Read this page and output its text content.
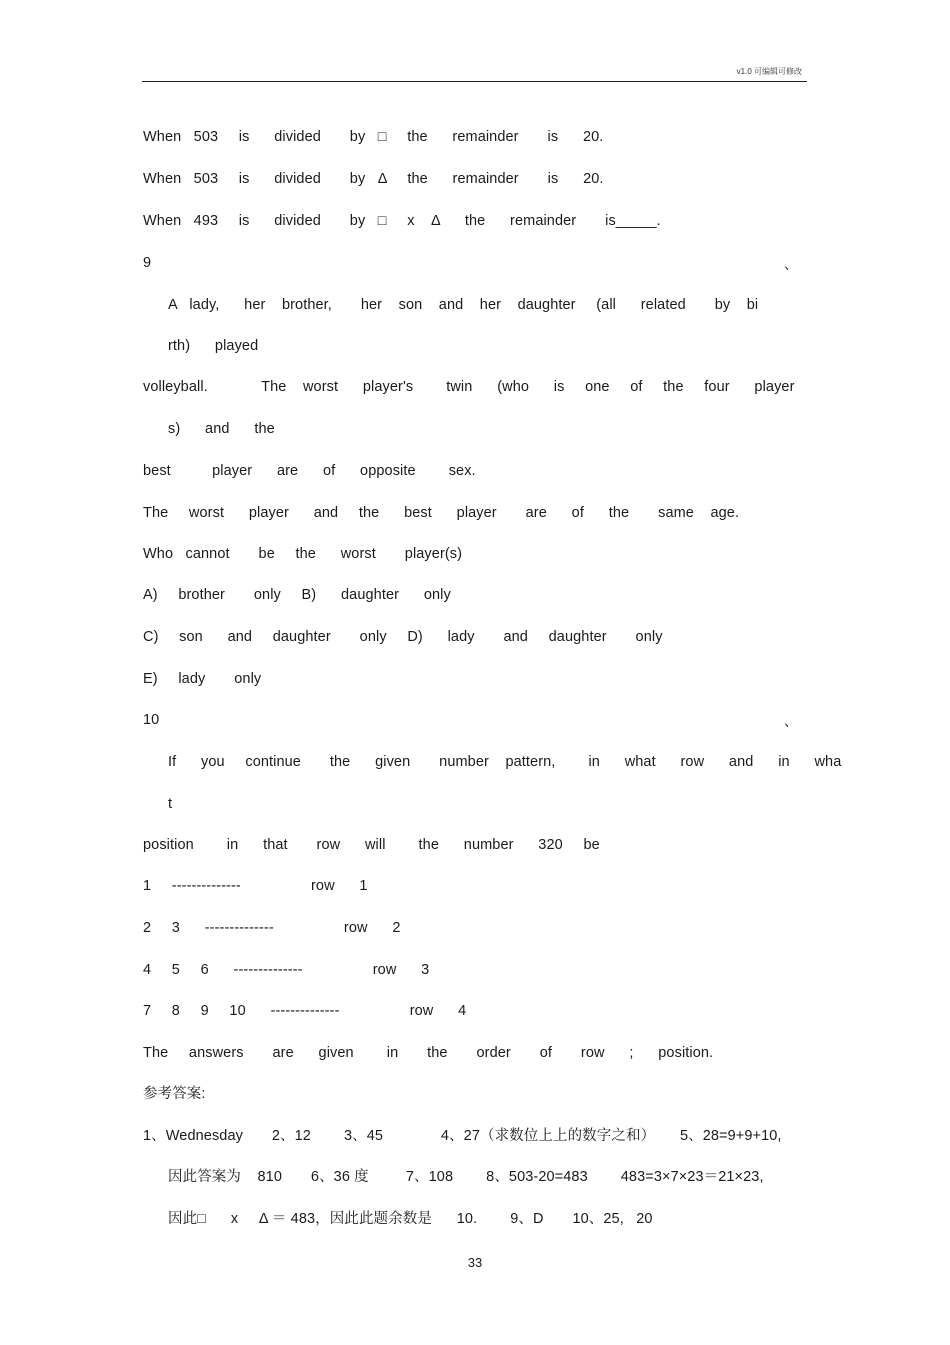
v1.0 可编辑可修改
When   503     is      divided       by   □     the      remainder       is      20.
When   503     is      divided       by   Δ     the      remainder       is      20.
When   493     is      divided       by   □     x    Δ      the      remainder       is_____.
9	、
A   lady,      her    brother,       her    son    and    her    daughter     (all      related       by    bi
rth)      played
volleyball.             The    worst      player's        twin      (who      is     one     of     the     four      player
s)      and      the
best          player      are      of      opposite        sex.
The     worst      player      and     the      best      player       are      of      the       same    age.
Who   cannot       be     the      worst       player(s)
A)     brother       only     B)      daughter      only
C)     son      and     daughter       only     D)      lady       and     daughter       only
E)     lady       only
10	、
If      you     continue       the      given       number    pattern,        in      what      row      and      in      wha
t
position        in      that       row      will        the      number      320     be
1     --------------                 row      1
2     3      --------------                 row      2
4     5     6      --------------                 row      3
7     8     9     10      --------------                 row      4
The     answers       are      given        in       the       order       of       row      ;      position.
参考答案:
1、Wednesday       2、12        3、45              4、27（求数位上上的数字之和）      5、28=9+9+10,
因此答案为    810       6、36 度         7、108        8、503-20=483        483=3×7×23＝21×23,
因此□      x     Δ ＝ 483，因此此题余数是      10.        9、D       10、25,   20
33
